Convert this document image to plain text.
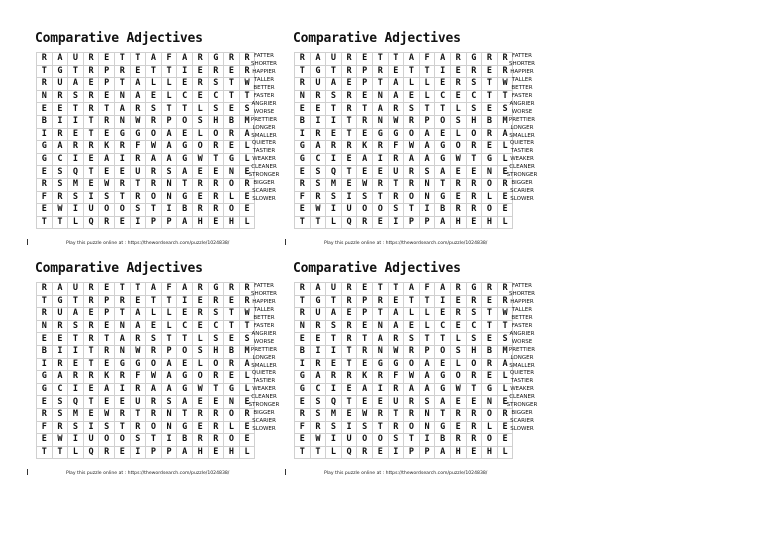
Comparative Adjectives
R	A	U	R	E	T	T	A	F	A	R	G	R	R
T	G	T	R	P	R	E	T	T	I	E	R	E	R
R	U	A	E	P	T	A	L	L	E	R	S	T	W
N	R	S	R	E	N	A	E	L	C	E	C	T	T
E	E	T	R	T	A	R	S	T	T	L	S	E	S
B	I	I	T	R	N	W	R	P	O	S	H	B	M
I	R	E	T	E	G	G	O	A	E	L	O	R	A
G	A	R	R	K	R	F	W	A	G	O	R	E	L
G	C	I	E	A	I	R	A	A	G	W	T	G	L
E	S	Q	T	E	E	U	R	S	A	E	E	N	E
R	S	M	E	W	R	T	R	N	T	R	R	O	R
F	R	S	I	S	T	R	O	N	G	E	R	L	E
E	W	I	U	O	O	S	T	I	B	R	R	O	E
T	T	L	Q	R	E	I	P	P	A	H	E	H	L
FATTER
SHORTER
HAPPIER
TALLER
BETTER
FASTER
ANGRIER
WORSE
PRETTIER
LONGER
SMALLER
QUIETER
TASTIER
WEAKER
CLEANER
STRONGER
BIGGER
SCARIER
SLOWER
Play this puzzle online at : https://thewordsearch.com/puzzle/1024838/
Comparative Adjectives
R	A	U	R	E	T	T	A	F	A	R	G	R	R
T	G	T	R	P	R	E	T	T	I	E	R	E	R
R	U	A	E	P	T	A	L	L	E	R	S	T	W
N	R	S	R	E	N	A	E	L	C	E	C	T	T
E	E	T	R	T	A	R	S	T	T	L	S	E	S
B	I	I	T	R	N	W	R	P	O	S	H	B	M
I	R	E	T	E	G	G	O	A	E	L	O	R	A
G	A	R	R	K	R	F	W	A	G	O	R	E	L
G	C	I	E	A	I	R	A	A	G	W	T	G	L
E	S	Q	T	E	E	U	R	S	A	E	E	N	E
R	S	M	E	W	R	T	R	N	T	R	R	O	R
F	R	S	I	S	T	R	O	N	G	E	R	L	E
E	W	I	U	O	O	S	T	I	B	R	R	O	E
T	T	L	Q	R	E	I	P	P	A	H	E	H	L
FATTER
SHORTER
HAPPIER
TALLER
BETTER
FASTER
ANGRIER
WORSE
PRETTIER
LONGER
SMALLER
QUIETER
TASTIER
WEAKER
CLEANER
STRONGER
BIGGER
SCARIER
SLOWER
Play this puzzle online at : https://thewordsearch.com/puzzle/1024838/
Comparative Adjectives
R	A	U	R	E	T	T	A	F	A	R	G	R	R
T	G	T	R	P	R	E	T	T	I	E	R	E	R
R	U	A	E	P	T	A	L	L	E	R	S	T	W
N	R	S	R	E	N	A	E	L	C	E	C	T	T
E	E	T	R	T	A	R	S	T	T	L	S	E	S
B	I	I	T	R	N	W	R	P	O	S	H	B	M
I	R	E	T	E	G	G	O	A	E	L	O	R	A
G	A	R	R	K	R	F	W	A	G	O	R	E	L
G	C	I	E	A	I	R	A	A	G	W	T	G	L
E	S	Q	T	E	E	U	R	S	A	E	E	N	E
R	S	M	E	W	R	T	R	N	T	R	R	O	R
F	R	S	I	S	T	R	O	N	G	E	R	L	E
E	W	I	U	O	O	S	T	I	B	R	R	O	E
T	T	L	Q	R	E	I	P	P	A	H	E	H	L
FATTER
SHORTER
HAPPIER
TALLER
BETTER
FASTER
ANGRIER
WORSE
PRETTIER
LONGER
SMALLER
QUIETER
TASTIER
WEAKER
CLEANER
STRONGER
BIGGER
SCARIER
SLOWER
Play this puzzle online at : https://thewordsearch.com/puzzle/1024838/
Comparative Adjectives
R	A	U	R	E	T	T	A	F	A	R	G	R	R
T	G	T	R	P	R	E	T	T	I	E	R	E	R
R	U	A	E	P	T	A	L	L	E	R	S	T	W
N	R	S	R	E	N	A	E	L	C	E	C	T	T
E	E	T	R	T	A	R	S	T	T	L	S	E	S
B	I	I	T	R	N	W	R	P	O	S	H	B	M
I	R	E	T	E	G	G	O	A	E	L	O	R	A
G	A	R	R	K	R	F	W	A	G	O	R	E	L
G	C	I	E	A	I	R	A	A	G	W	T	G	L
E	S	Q	T	E	E	U	R	S	A	E	E	N	E
R	S	M	E	W	R	T	R	N	T	R	R	O	R
F	R	S	I	S	T	R	O	N	G	E	R	L	E
E	W	I	U	O	O	S	T	I	B	R	R	O	E
T	T	L	Q	R	E	I	P	P	A	H	E	H	L
FATTER
SHORTER
HAPPIER
TALLER
BETTER
FASTER
ANGRIER
WORSE
PRETTIER
LONGER
SMALLER
QUIETER
TASTIER
WEAKER
CLEANER
STRONGER
BIGGER
SCARIER
SLOWER
Play this puzzle online at : https://thewordsearch.com/puzzle/1024838/
